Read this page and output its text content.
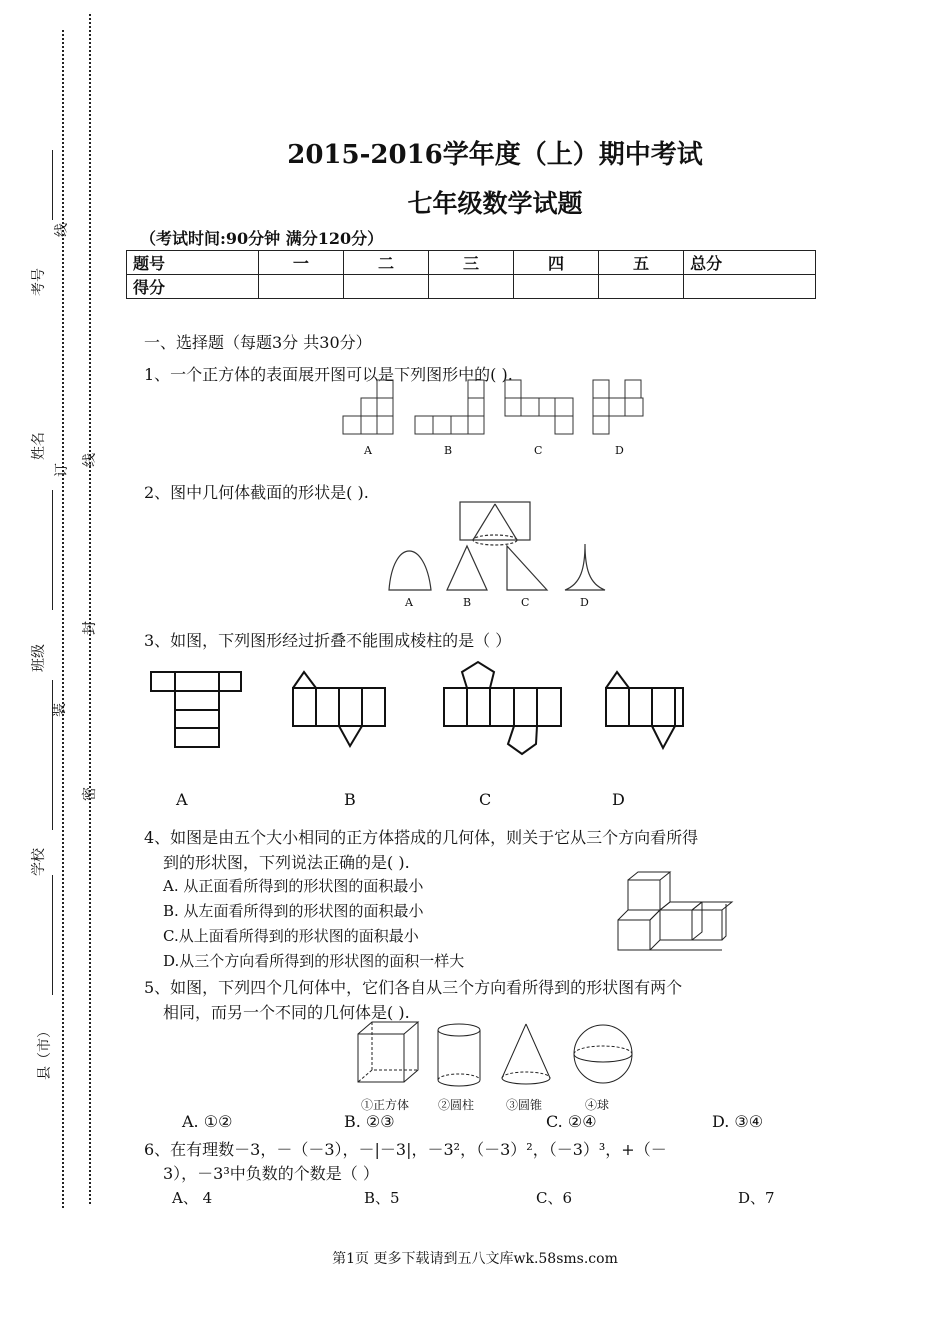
考号
姓名
班级
学校
县（市）
线
订
线
封
装
密
2015-2016学年度（上）期中考试
七年级数学试题
（考试时间:90分钟 满分120分）
题号	一	二	三	四	五	总分
得分						
一、选择题（每题3分 共30分）
1、一个正方体的表面展开图可以是下列图形中的( ).
A	B	C	D
2、图中几何体截面的形状是( ).
A	B	C	D
3、如图，下列图形经过折叠不能围成棱柱的是（ ）
A	B	C	D
4、如图是由五个大小相同的正方体搭成的几何体，则关于它从三个方向看所得
到的形状图，下列说法正确的是( ).
A. 从正面看所得到的形状图的面积最小
B. 从左面看所得到的形状图的面积最小
C.从上面看所得到的形状图的面积最小
D.从三个方向看所得到的形状图的面积一样大
5、如图，下列四个几何体中，它们各自从三个方向看所得到的形状图有两个
相同，而另一个不同的几何体是( ).
①正方体 ②圆柱	③圆锥	④球
A. ①②	B. ②③	C. ②④	D. ③④
6、在有理数－3，－（－3），－|－3|，－3²，（－3）²，（－3）³，+（－
3），－3³中负数的个数是（ ）
A、 4	B、5	C、6	D、7
第1页 更多下载请到五八文库wk.58sms.com
